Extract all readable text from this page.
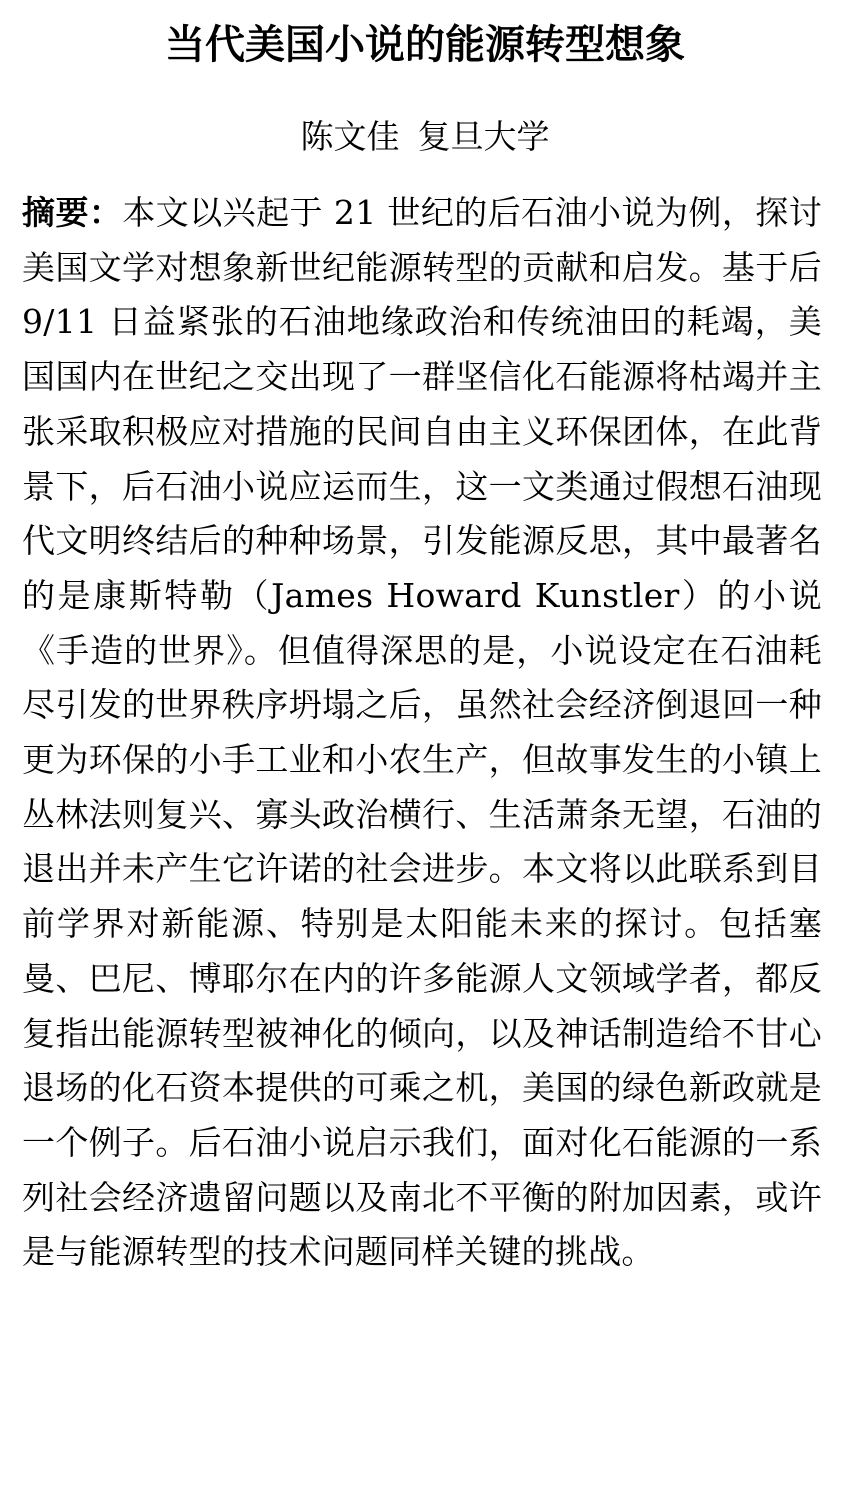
当代美国小说的能源转型想象

陈文佳 复旦大学

摘要：本文以兴起于 21 世纪的后石油小说为例，探讨美国文学对想象新世纪能源转型的贡献和启发。基于后 9/11 日益紧张的石油地缘政治和传统油田的耗竭，美国国内在世纪之交出现了一群坚信化石能源将枯竭并主张采取积极应对措施的民间自由主义环保团体，在此背景下，后石油小说应运而生，这一文类通过假想石油现代文明终结后的种种场景，引发能源反思，其中最著名的是康斯特勒（James Howard Kunstler）的小说《手造的世界》。但值得深思的是，小说设定在石油耗尽引发的世界秩序坍塌之后，虽然社会经济倒退回一种更为环保的小手工业和小农生产，但故事发生的小镇上丛林法则复兴、寡头政治横行、生活萧条无望，石油的退出并未产生它许诺的社会进步。本文将以此联系到目前学界对新能源、特别是太阳能未来的探讨。包括塞曼、巴尼、博耶尔在内的许多能源人文领域学者，都反复指出能源转型被神化的倾向，以及神话制造给不甘心退场的化石资本提供的可乘之机，美国的绿色新政就是一个例子。后石油小说启示我们，面对化石能源的一系列社会经济遗留问题以及南北不平衡的附加因素，或许是与能源转型的技术问题同样关键的挑战。
